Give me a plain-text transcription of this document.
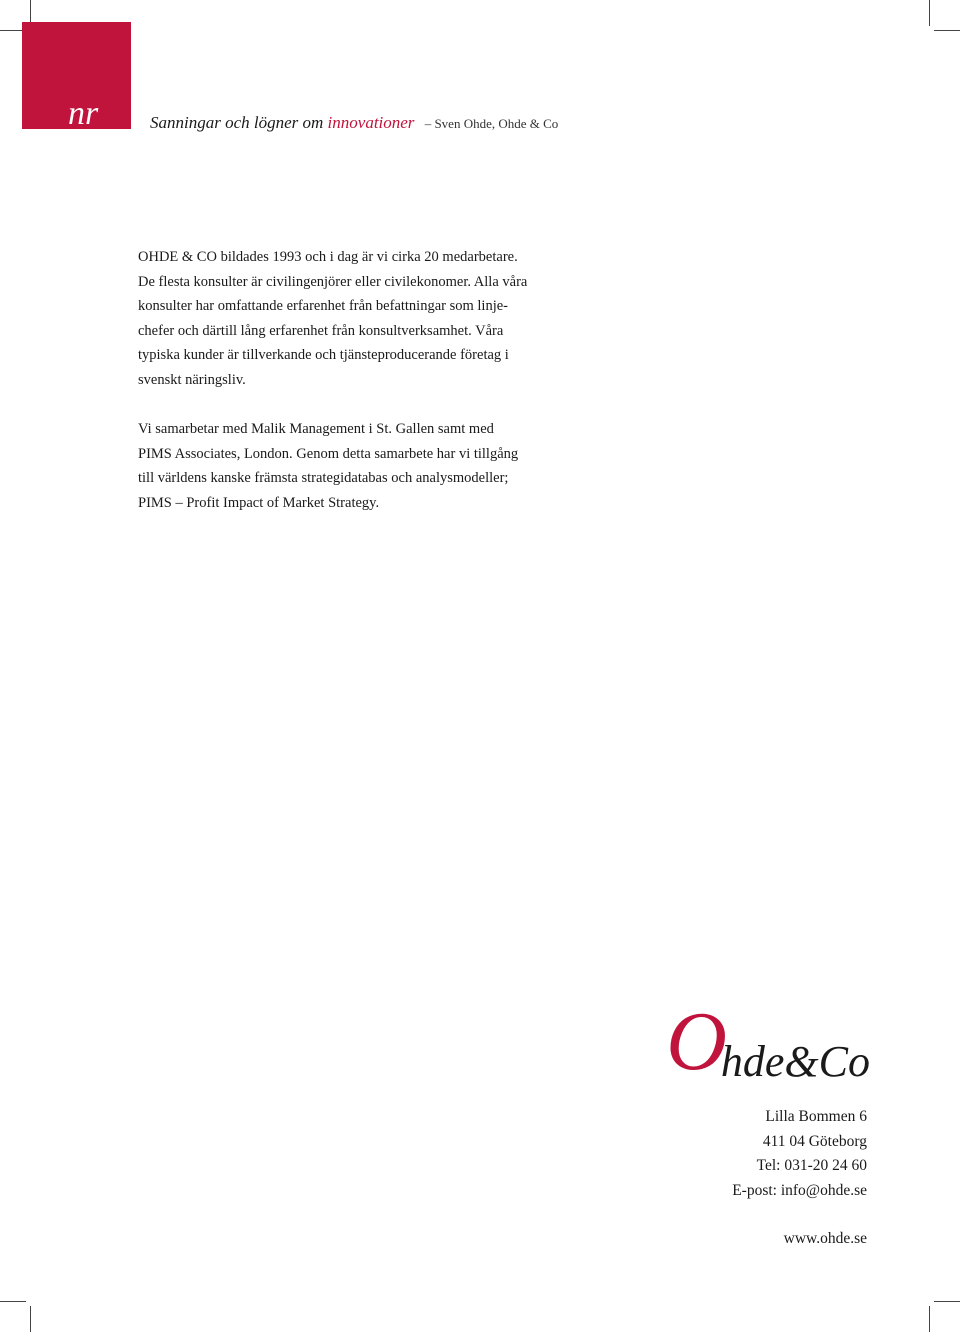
nr 4 Sanningar och lögner om innovationer – Sven Ohde, Ohde & Co

OHDE & CO bildades 1993 och i dag är vi cirka 20 medarbetare.
De flesta konsulter är civilingenjörer eller civilekonomer. Alla våra
konsulter har omfattande erfarenhet från befattningar som linje-
chefer och därtill lång erfarenhet från konsultverksamhet. Våra
typiska kunder är tillverkande och tjänsteproducerande företag i
svenskt näringsliv.

Vi samarbetar med Malik Management i St. Gallen samt med
PIMS Associates, London. Genom detta samarbete har vi tillgång
till världens kanske främsta strategidatabas och analysmodeller;
PIMS – Profit Impact of Market Strategy.

Ohde&Co
Lilla Bommen 6
411 04 Göteborg
Tel: 031-20 24 60
E-post: info@ohde.se
www.ohde.se
